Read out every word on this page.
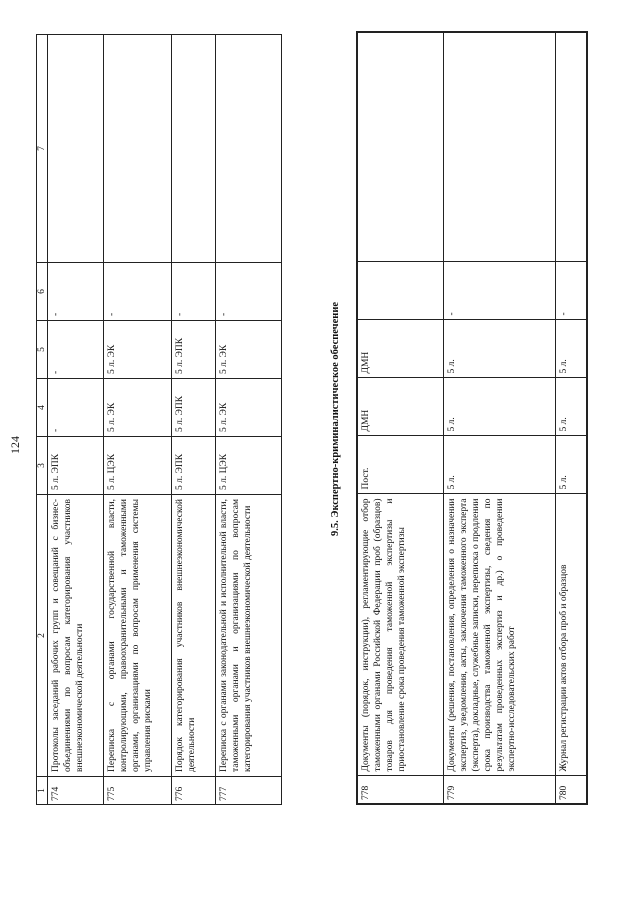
124
1	2	3	4	5	6	7
774	Протоколы заседаний рабочих групп и совещаний с бизнес-объединениями по вопросам категорирования участников внешнеэкономической деятельности	5 л. ЭПК	-	-	-	
775	Переписка с органами государственной власти, контролирующими, правоохранительными и таможенными органами, организациями по вопросам применения системы управления рисками	5 л. ЦЭК	5 л. ЭК	5 л. ЭК	-	
776	Порядок категорирования участников внешнеэкономической деятельности	5 л. ЭПК	5 л. ЭПК	5 л. ЭПК	-	
777	Переписка с органами законодательной и исполнительной власти, таможенными органами и организациями по вопросам категорирования участников внешнеэкономической деятельности	5 л. ЦЭК	5 л. ЭК	5 л. ЭК	-		9.5. Экспертно-криминалистическое обеспечение
778	Документы (порядок, инструкции), регламентирующие отбор таможенными органами Российской Федерации проб (образцов) товаров для проведения таможенной экспертизы и приостановление срока проведения таможенной экспертизы	Пост.	ДМН	ДМН		
779	Документы (решения, постановления, определения о назначении экспертиз, уведомления, акты, заключения таможенного эксперта (эксперта), докладные, служебные записки, переписка о продлении срока производства таможенной экспертизы, сведения по результатам проведенных экспертиз и др.) о проведении экспертно-исследовательских работ	5 л.	5 л.	5 л.	-	
780	Журнал регистрации актов отбора проб и образцов	5 л.	5 л.	5 л.	-	
